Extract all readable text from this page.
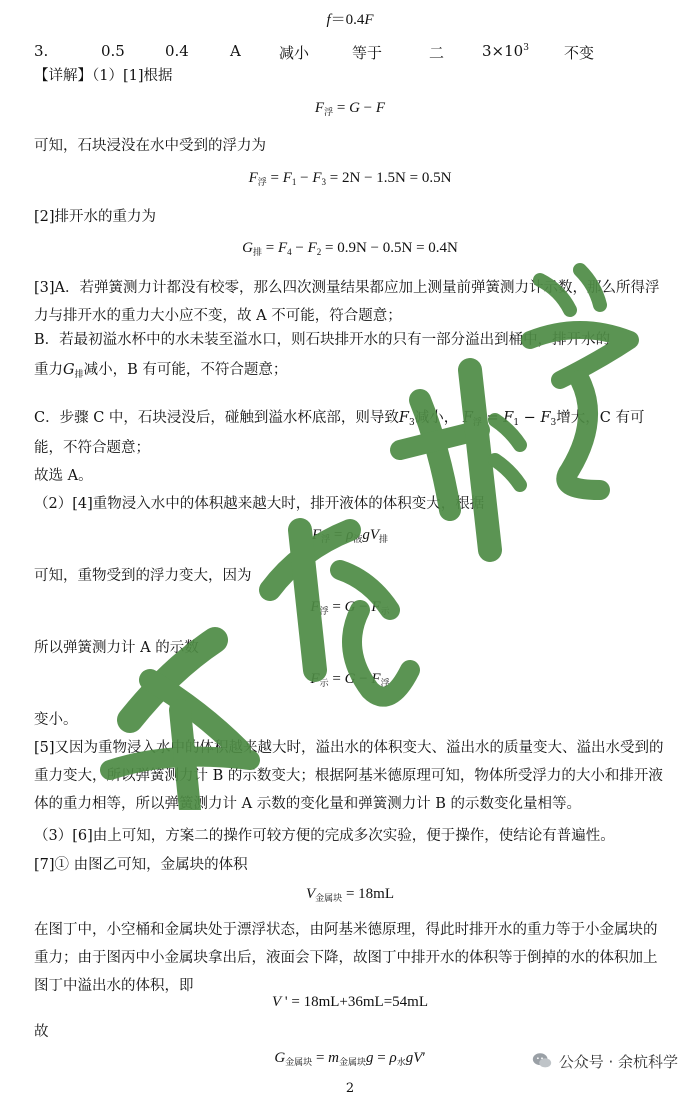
f＝0.4F
3.	0.5	0.4	A	减小	等于	二	$3\times 10^3$ 不变
【详解】（1）[1]根据
$F_浮 = G - F$
可知，石块浸没在水中受到的浮力为
$F_浮 = F_1 - F_3 = 2N - 1.5N = 0.5N$
[2]排开水的重力为
$G_排 = F_4 - F_2 = 0.9N - 0.5N = 0.4N$
[3]A．若弹簧测力计都没有校零，那么四次测量结果都应加上测量前弹簧测力计示数，那么所得浮力与排开水的重力大小应不变，故 A 不可能，符合题意；
B．若最初溢水杯中的水未装至溢水口，则石块排开水的只有一部分溢出到桶中，排开水的
重力$G_排$减小，B 有可能，不符合题意；
C．步骤 C 中，石块浸没后，碰触到溢水杯底部，则导致$F_3$减小， $F_浮 = F_1 - F_3$增大，C 有可
能，不符合题意；
故选 A。
（2）[4]重物浸入水中的体积越来越大时，排开液体的体积变大，根据
$F_浮 = \rho_液gV_排$
可知，重物受到的浮力变大，因为
$F_浮 = G - F_示$
所以弹簧测力计 A 的示数
$F_示 = G - F_浮$
变小。
[5]又因为重物浸入水中的体积越来越大时，溢出水的体积变大、溢出水的质量变大、溢出水受到的重力变大，所以弹簧测力计 B 的示数变大；根据阿基米德原理可知，物体所受浮力的大小和排开液体的重力相等，所以弹簧测力计 A 示数的变化量和弹簧测力计 B 的示数变化量相等。
（3）[6]由上可知，方案二的操作可较方便的完成多次实验，便于操作，使结论有普遍性。
[7]① 由图乙可知，金属块的体积
$V_{金属块} = 18mL$
在图丁中，小空桶和金属块处于漂浮状态，由阿基米德原理，得此时排开水的重力等于小金属块的重力；由于图丙中小金属块拿出后，液面会下降，故图丁中排开水的体积等于倒掉的水的体积加上图丁中溢出水的体积，即
V ' = 18mL+36mL=54mL
故
$G_{金属块} = m_{金属块}g = \rho_水gV'$	公众号 · 余杭科学
2
